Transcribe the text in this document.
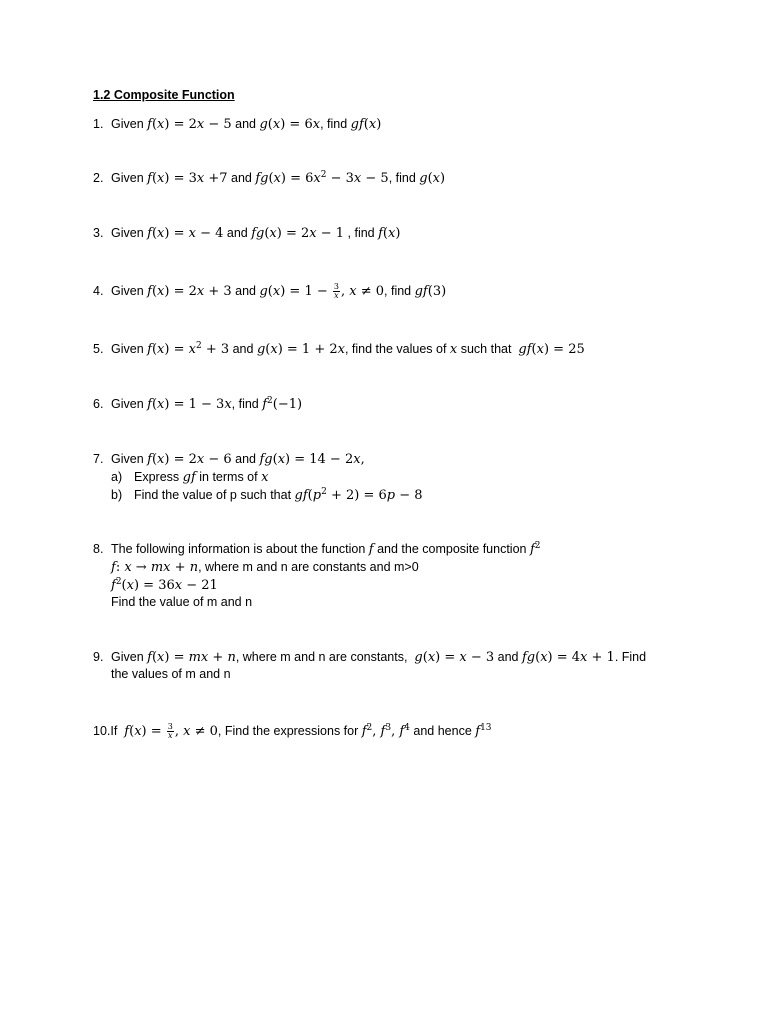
1.2 Composite Function
1. Given f(x) = 2x − 5 and g(x) = 6x, find gf(x)
2. Given f(x) = 3x +7 and $fg(x) = 6x^2 - 3x - 5$, find g(x)
3. Given f(x) = x − 4 and fg(x) = 2x − 1 , find f(x)
4. Given f(x) = 2x + 3 and $g(x) = 1 - \frac{3}{x}$ , x ≠ 0, find gf(3)
5. Given $f(x) = x^2 + 3$ and g(x) = 1 + 2x, find the values of x such that  gf(x) = 25
6. Given f(x) = 1 − 3x, find $f^2(-1)$
7. Given f(x) = 2x − 6 and fg(x) = 14 − 2x,
a) Express gf in terms of x
b) Find the value of p such that $gf(p^2 + 2) = 6p - 8$
8. The following information is about the function f and the composite function $f^2$
f: x → mx + n, where m and n are constants and m>0
$f^2(x) = 36x - 21$
Find the value of m and n
9. Given f(x) = mx + n, where m and n are constants,  g(x) = x − 3 and fg(x) = 4x + 1. Find
the values of m and n
10.If  $f(x) = \frac{3}{x}$ , x ≠ 0, Find the expressions for $f^2$, $f^3$, $f^4$ and hence $f^{13}$
